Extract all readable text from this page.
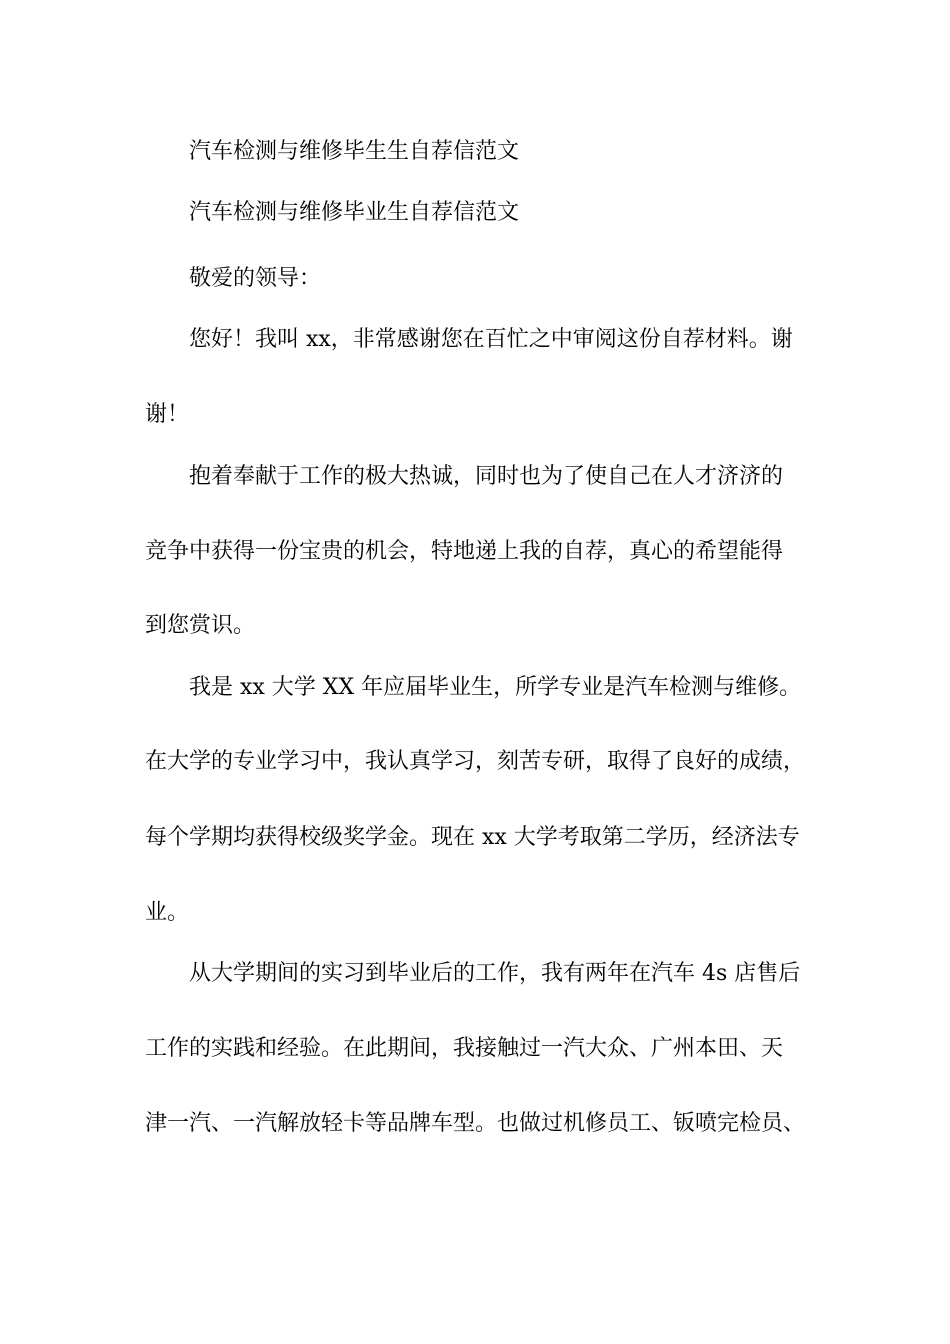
汽车检测与维修毕生生自荐信范文
汽车检测与维修毕业生自荐信范文
敬爱的领导：
您好！我叫 xx，非常感谢您在百忙之中审阅这份自荐材料。谢
谢！
抱着奉献于工作的极大热诚，同时也为了使自己在人才济济的
竞争中获得一份宝贵的机会，特地递上我的自荐，真心的希望能得
到您赏识。
我是 xx 大学 XX 年应届毕业生，所学专业是汽车检测与维修。
在大学的专业学习中，我认真学习，刻苦专研，取得了良好的成绩，
每个学期均获得校级奖学金。现在 xx 大学考取第二学历，经济法专
业。
从大学期间的实习到毕业后的工作，我有两年在汽车 4s 店售后
工作的实践和经验。在此期间，我接触过一汽大众、广州本田、天
津一汽、一汽解放轻卡等品牌车型。也做过机修员工、钣喷完检员、
